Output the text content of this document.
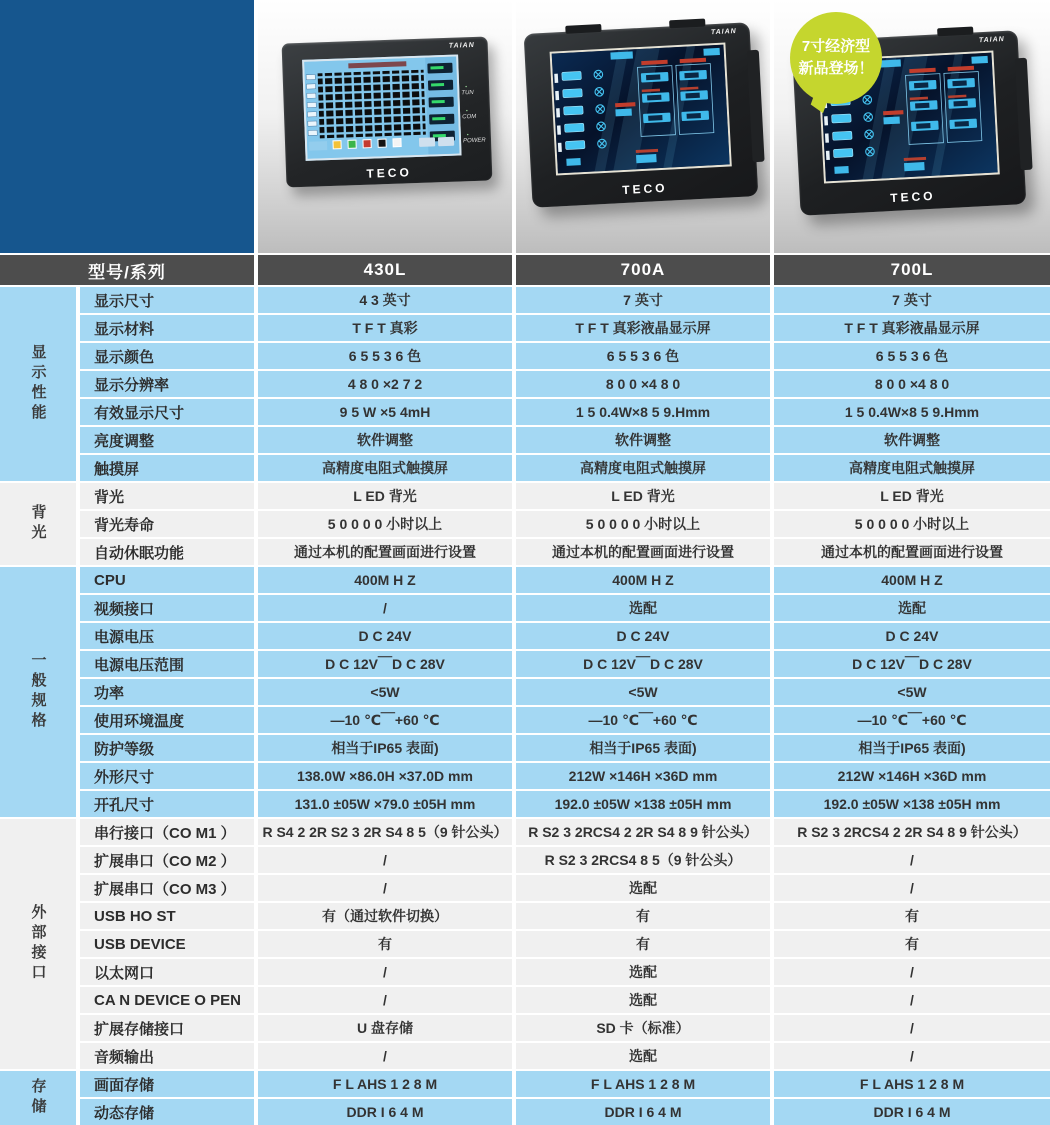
TAIAN
• TUN
• COM
• POWER
TECO
TAIAN
TECO
7寸经济型
新品登场！
TAIAN
TECO
型号/系列	430L	700A	700L
显示性能
显示尺寸	4 3 英寸	7 英寸	7 英寸
显示材料	T F T 真彩	T F T 真彩液晶显示屏	T F T 真彩液晶显示屏
显示颜色	6 5 5 3 6 色	6 5 5 3 6 色	6 5 5 3 6 色
显示分辨率	4 8 0 ×2 7 2	8 0 0 ×4 8 0	8 0 0 ×4 8 0
有效显示尺寸	9 5 W ×5 4mH	1 5 0.4W×8 5 9.Hmm	1 5 0.4W×8 5 9.Hmm
亮度调整	软件调整	软件调整	软件调整
触摸屏	高精度电阻式触摸屏	高精度电阻式触摸屏	高精度电阻式触摸屏
背光
背光	L ED 背光	L ED 背光	L ED 背光
背光寿命	5 0 0 0 0 小时以上	5 0 0 0 0 小时以上	5 0 0 0 0 小时以上
自动休眠功能	通过本机的配置画面进行设置	通过本机的配置画面进行设置	通过本机的配置画面进行设置
一般规格
CPU	400M H Z	400M H Z	400M H Z
视频接口	/	选配	选配
电源电压	D C 24V	D C 24V	D C 24V
电源电压范围	D C 12V￣D C 28V	D C 12V￣D C 28V	D C 12V￣D C 28V
功率	<5W	<5W	<5W
使用环境温度	—10 ℃￣+60 ℃	—10 ℃￣+60 ℃	—10 ℃￣+60 ℃
防护等级	相当于IP65 表面)	相当于IP65 表面)	相当于IP65 表面)
外形尺寸	138.0W ×86.0H ×37.0D mm	212W ×146H ×36D mm	212W ×146H ×36D mm
开孔尺寸	131.0 ±05W ×79.0 ±05H mm	192.0 ±05W ×138 ±05H mm	192.0 ±05W ×138 ±05H mm
外部接口
串行接口（CO M1 ）	R S4 2 2R S2 3 2R S4 8 5（9 针公头）	R S2 3 2RCS4 2 2R S4 8 9 针公头）	R S2 3 2RCS4 2 2R S4 8 9 针公头）
扩展串口（CO M2 ）	/	R S2 3 2RCS4 8 5（9 针公头）	/
扩展串口（CO M3 ）	/	选配	/
USB HO ST	有（通过软件切换）	有	有
USB DEVICE	有	有	有
以太网口	/	选配	/
CA N DEVICE O PEN	/	选配	/
扩展存储接口	U 盘存储	SD 卡（标准）	/
音频输出	/	选配	/
存储	画面存储	F L AHS 1 2 8 M	F L AHS 1 2 8 M	F L AHS 1 2 8 M
动态存储	DDR I 6 4 M	DDR I 6 4 M	DDR I 6 4 M
